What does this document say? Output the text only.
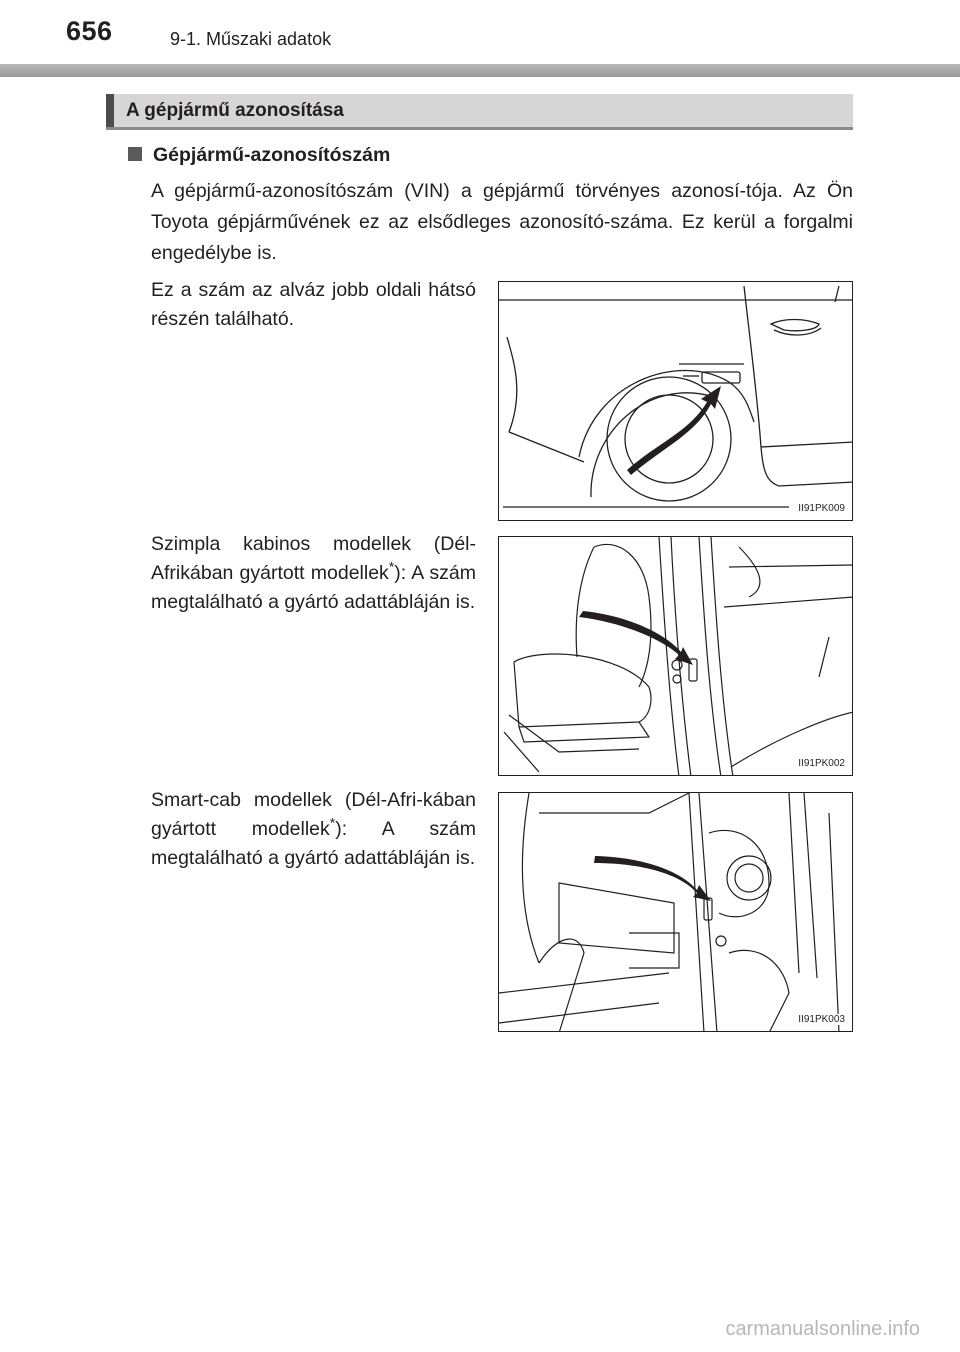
656	9-1. Műszaki adatok
A gépjármű azonosítása
Gépjármű-azonosítószám

A gépjármű-azonosítószám (VIN) a gépjármű törvényes azonosí-tója. Az Ön Toyota gépjárművének ez az elsődleges azonosító-száma. Ez kerül a forgalmi engedélybe is.

Ez a szám az alváz jobb oldali hátsó részén található.

II91PK009

Szimpla kabinos modellek (Dél-Afrikában gyártott modellek*): A szám megtalálható a gyártó adattábláján is.

II91PK002

Smart-cab modellek (Dél-Afri-kában gyártott modellek*): A szám megtalálható a gyártó adattábláján is.

II91PK003
carmanualsonline.info
